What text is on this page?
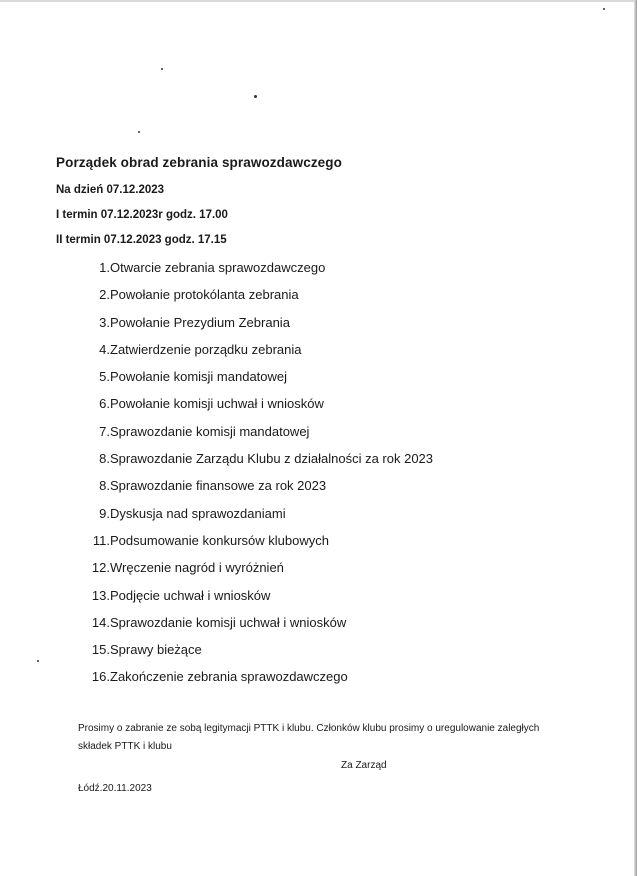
Porządek obrad zebrania sprawozdawczego
Na dzień 07.12.2023
I termin 07.12.2023r godz. 17.00
II termin 07.12.2023 godz. 17.15
1. Otwarcie zebrania sprawozdawczego
2. Powołanie protokólanta zebrania
3. Powołanie Prezydium Zebrania
4. Zatwierdzenie porządku zebrania
5. Powołanie komisji mandatowej
6. Powołanie komisji uchwał i wniosków
7. Sprawozdanie komisji mandatowej
8. Sprawozdanie Zarządu Klubu z działalności za rok 2023
8. Sprawozdanie finansowe za rok 2023
9. Dyskusja nad sprawozdaniami
11. Podsumowanie konkursów klubowych
12. Wręczenie nagród i wyróżnień
13. Podjęcie uchwał i wniosków
14. Sprawozdanie komisji uchwał i wniosków
15. Sprawy bieżące
16. Zakończenie zebrania sprawozdawczego
Prosimy o zabranie ze sobą legitymacji PTTK i klubu. Członków klubu prosimy o uregulowanie zaległych składek PTTK i klubu
Za Zarząd
Łódź.20.11.2023
